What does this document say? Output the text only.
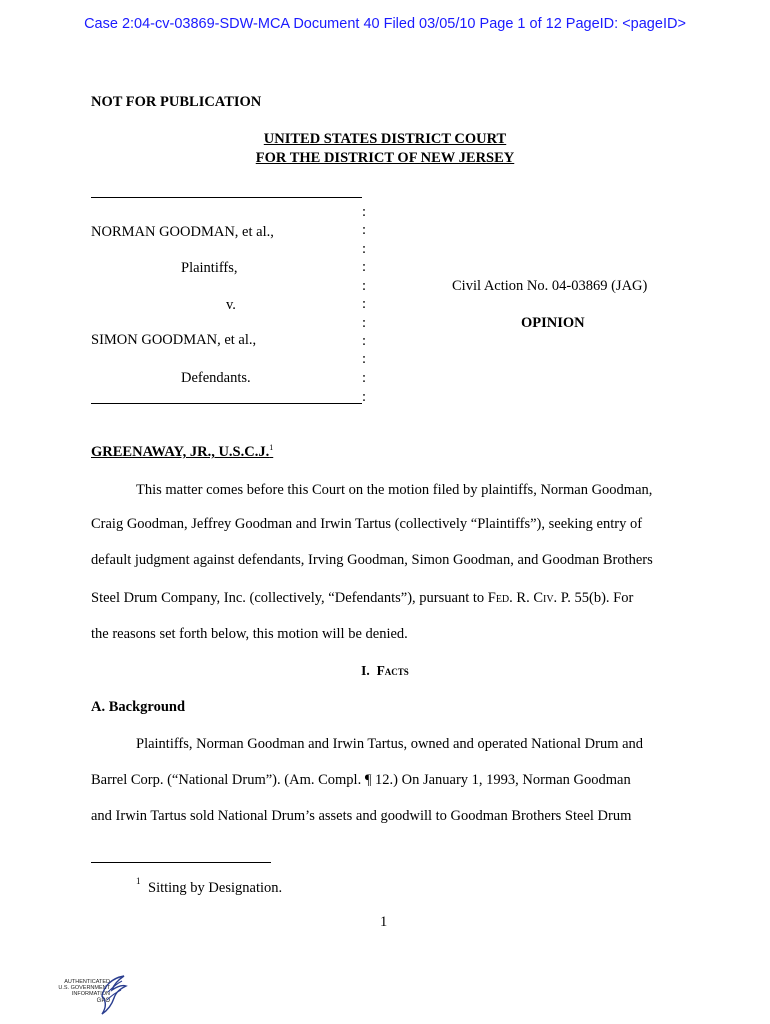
Case 2:04-cv-03869-SDW-MCA Document 40 Filed 03/05/10 Page 1 of 12 PageID: <pageID>
NOT FOR PUBLICATION
UNITED STATES DISTRICT COURT
FOR THE DISTRICT OF NEW JERSEY
:
:
:
:
:
:
:
:
:
:
:
NORMAN GOODMAN, et al.,
Plaintiffs,
v.
SIMON GOODMAN, et al.,
Defendants.
Civil Action No. 04-03869 (JAG)
OPINION
GREENAWAY, JR., U.S.C.J.$^1$
This matter comes before this Court on the motion filed by plaintiffs, Norman Goodman,
Craig Goodman, Jeffrey Goodman and Irwin Tartus (collectively “Plaintiffs”), seeking entry of
default judgment against defendants, Irving Goodman, Simon Goodman, and Goodman Brothers
Steel Drum Company, Inc. (collectively, “Defendants”), pursuant to Fed. R. Civ. P. 55(b). For
the reasons set forth below, this motion will be denied.
I. Facts
A. Background
Plaintiffs, Norman Goodman and Irwin Tartus, owned and operated National Drum and
Barrel Corp. (“National Drum”). (Am. Compl. ¶ 12.) On January 1, 1993, Norman Goodman
and Irwin Tartus sold National Drum’s assets and goodwill to Goodman Brothers Steel Drum
1 Sitting by Designation.
1
AUTHENTICATED
U.S. GOVERNMENT
INFORMATION
GPO
